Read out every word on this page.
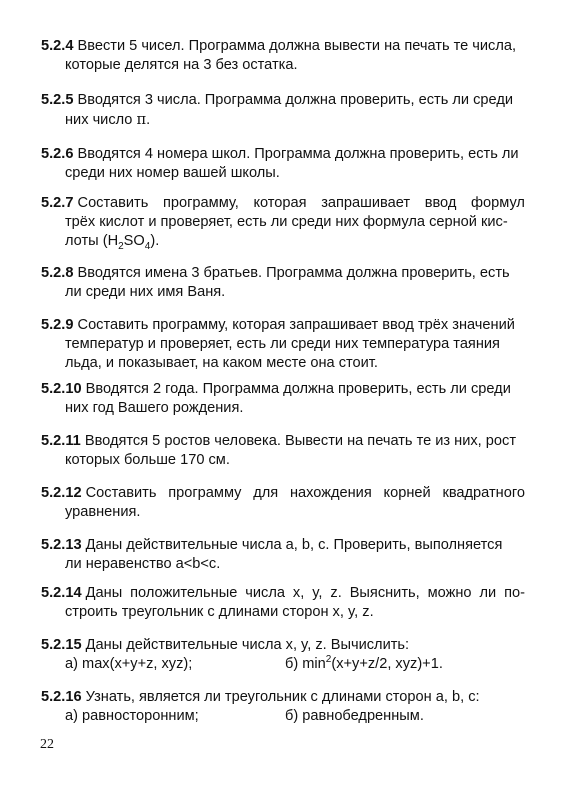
5.2.4 Ввести 5 чисел. Программа должна вывести на печать те числа,
которые делятся на 3 без остатка.
5.2.5 Вводятся 3 числа. Программа должна проверить, есть ли среди
них число π.
5.2.6 Вводятся 4 номера школ. Программа должна проверить, есть ли
среди них номер вашей школы.
5.2.7 Составить программу, которая запрашивает ввод формул
трёх кислот и проверяет, есть ли среди них формула серной кис-
лоты $(H_2SO_4)$.
5.2.8 Вводятся имена 3 братьев. Программа должна проверить, есть
ли среди них имя Ваня.
5.2.9 Составить программу, которая запрашивает ввод трёх значений
температур и проверяет, есть ли среди них температура таяния
льда, и показывает, на каком месте она стоит.
5.2.10 Вводятся 2 года. Программа должна проверить, есть ли среди
них год Вашего рождения.
5.2.11 Вводятся 5 ростов человека. Вывести на печать те из них, рост
которых больше 170 см.
5.2.12 Составить программу для нахождения корней квадратного
уравнения.
5.2.13 Даны действительные числа a, b, c. Проверить, выполняется
ли неравенство a<b<c.
5.2.14 Даны положительные числа x, y, z. Выяснить, можно ли по-
строить треугольник с длинами сторон x, y, z.
5.2.15 Даны действительные числа x, y, z. Вычислить:
а) max(x+y+z, xyz);	б) $\min^2(x+y+z/2$, xyz)+1.
5.2.16 Узнать, является ли треугольник с длинами сторон a, b, c:
а) равносторонним;	б) равнобедренным.
22
